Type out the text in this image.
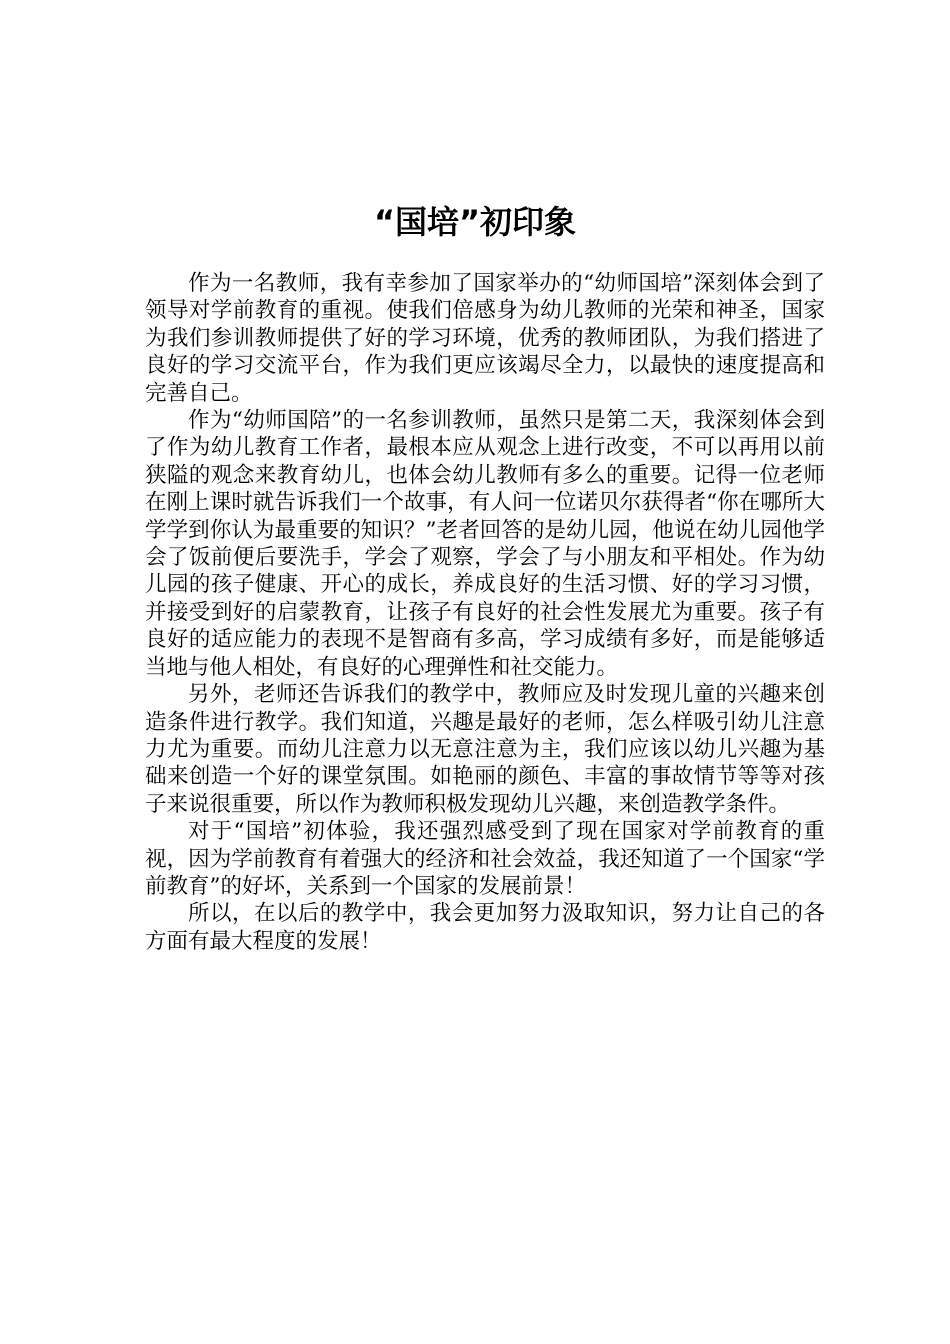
“国培”初印象

作为一名教师，我有幸参加了国家举办的“幼师国培”深刻体会到了领导对学前教育的重视。使我们倍感身为幼儿教师的光荣和神圣，国家为我们参训教师提供了好的学习环境，优秀的教师团队，为我们搭进了良好的学习交流平台，作为我们更应该竭尽全力，以最快的速度提高和完善自己。

作为“幼师国陪”的一名参训教师，虽然只是第二天，我深刻体会到了作为幼儿教育工作者，最根本应从观念上进行改变，不可以再用以前狭隘的观念来教育幼儿，也体会幼儿教师有多么的重要。记得一位老师在刚上课时就告诉我们一个故事，有人问一位诺贝尔获得者“你在哪所大学学到你认为最重要的知识？”老者回答的是幼儿园，他说在幼儿园他学会了饭前便后要洗手，学会了观察，学会了与小朋友和平相处。作为幼儿园的孩子健康、开心的成长，养成良好的生活习惯、好的学习习惯，并接受到好的启蒙教育，让孩子有良好的社会性发展尤为重要。孩子有良好的适应能力的表现不是智商有多高，学习成绩有多好，而是能够适当地与他人相处，有良好的心理弹性和社交能力。

另外，老师还告诉我们的教学中，教师应及时发现儿童的兴趣来创造条件进行教学。我们知道，兴趣是最好的老师，怎么样吸引幼儿注意力尤为重要。而幼儿注意力以无意注意为主，我们应该以幼儿兴趣为基础来创造一个好的课堂氛围。如艳丽的颜色、丰富的事故情节等等对孩子来说很重要，所以作为教师积极发现幼儿兴趣，来创造教学条件。

对于“国培”初体验，我还强烈感受到了现在国家对学前教育的重视，因为学前教育有着强大的经济和社会效益，我还知道了一个国家“学前教育”的好坏，关系到一个国家的发展前景！

所以，在以后的教学中，我会更加努力汲取知识，努力让自己的各方面有最大程度的发展！
